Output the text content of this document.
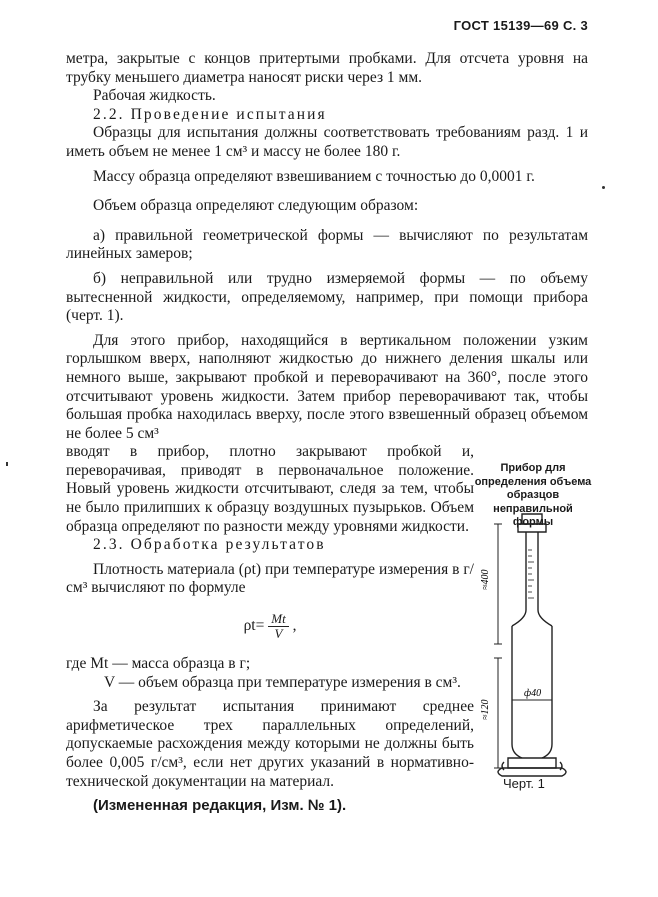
ГОСТ 15139—69 С. 3

метра, закрытые с концов притертыми пробками. Для отсчета уровня на трубку меньшего диаметра наносят риски через 1 мм.

Рабочая жидкость.

2.2. Проведение испытания

Образцы для испытания должны соответствовать требованиям разд. 1 и иметь объем не менее 1 см³ и массу не более 180 г.

Массу образца определяют взвешиванием с точностью до 0,0001 г.

Объем образца определяют следующим образом:

а) правильной геометрической формы — вычисляют по результатам линейных замеров;

б) неправильной или трудно измеряемой формы — по объему вытесненной жидкости, определяемому, например, при помощи прибора (черт. 1).

Для этого прибор, находящийся в вертикальном положении узким горлышком вверх, наполняют жидкостью до нижнего деления шкалы или немного выше, закрывают пробкой и переворачивают на 360°, после этого отсчитывают уровень жидкости. Затем прибор переворачивают так, чтобы большая пробка находилась вверху, после этого взвешенный образец объемом не более 5 см³

вводят в прибор, плотно закрывают пробкой и, переворачивая, приводят в первоначальное положение. Новый уровень жидкости отсчитывают, следя за тем, чтобы не было прилипших к образцу воздушных пузырьков. Объем образца определяют по разности между уровнями жидкости.

2.3. Обработка результатов

Плотность материала (ρt) при температуре измерения в г/см³ вычисляют по формуле

$\rho t= \frac{Mt}{V}$ ,

где Mt — масса образца в г;

V — объем образца при температуре измерения в см³.

За результат испытания принимают среднее арифметическое трех параллельных определений, допускаемые расхождения между которыми не должны быть более 0,005 г/см³, если нет других указаний в нормативно-технической документации на материал.

(Измененная редакция, Изм. № 1).

Прибор для определения объема образцов неправильной формы
≈400
≈120
ф40
Черт. 1
